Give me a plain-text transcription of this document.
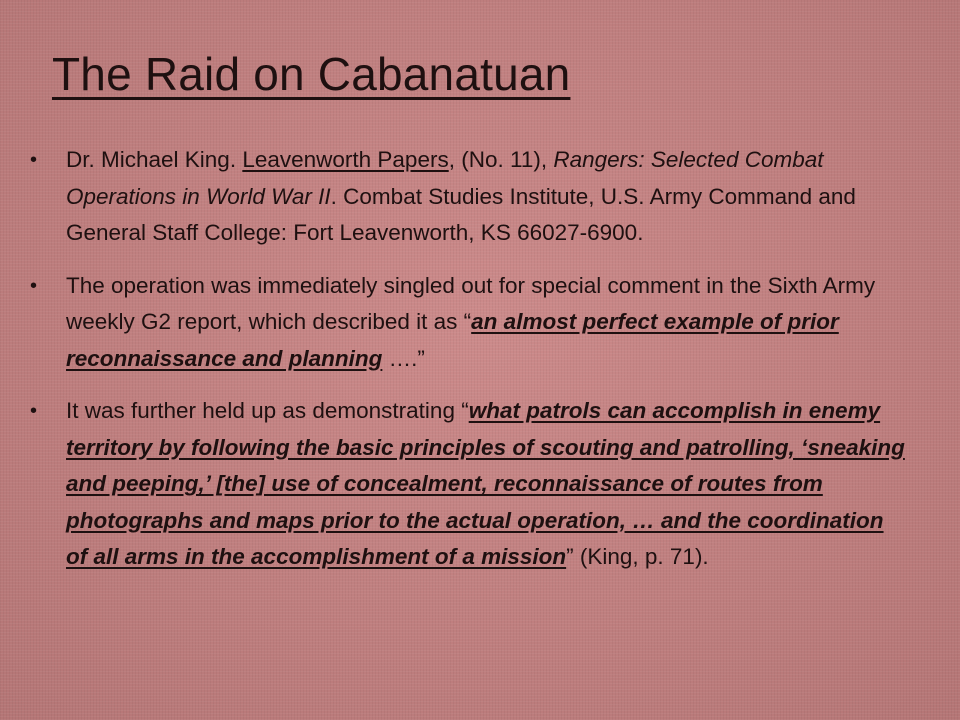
The Raid on Cabanatuan
• Dr. Michael King. Leavenworth Papers, (No. 11), Rangers: Selected Combat Operations in World War II. Combat Studies Institute, U.S. Army Command and General Staff College: Fort Leavenworth, KS 66027-6900.
• The operation was immediately singled out for special comment in the Sixth Army weekly G2 report, which described it as “an almost perfect example of prior reconnaissance and planning ….”
• It was further held up as demonstrating “what patrols can accomplish in enemy territory by following the basic principles of scouting and patrolling, ‘sneaking and peeping,’ [the] use of concealment, reconnaissance of routes from photographs and maps prior to the actual operation, … and the coordination of all arms in the accomplishment of a mission” (King, p. 71).
